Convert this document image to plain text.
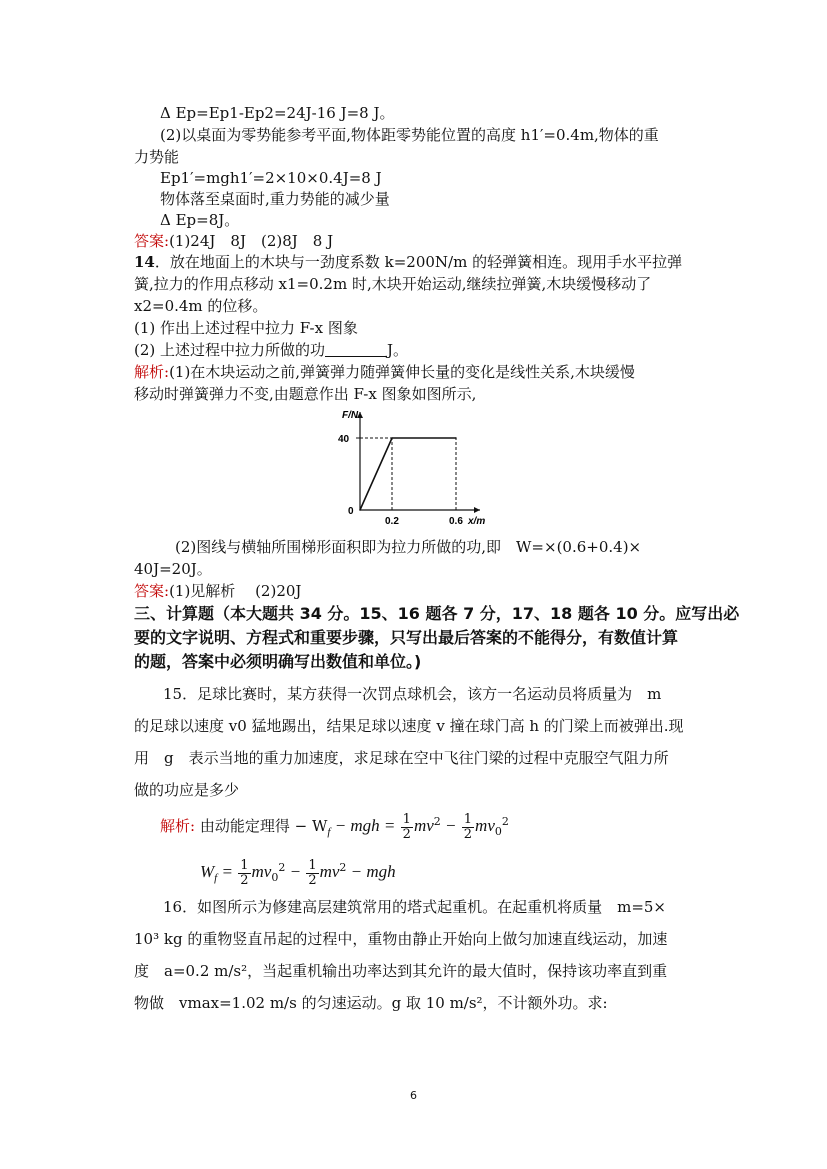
Δ Ep=Ep1-Ep2=24J-16 J=8 J。
(2)以桌面为零势能参考平面,物体距零势能位置的高度 h1′=0.4m,物体的重
力势能
Ep1′=mgh1′=2×10×0.4J=8 J
物体落至桌面时,重力势能的减少量
Δ Ep=8J。
答案:(1)24J　8J　(2)8J　8 J
14．放在地面上的木块与一劲度系数 k=200N/m 的轻弹簧相连。现用手水平拉弹
簧,拉力的作用点移动 x1=0.2m 时,木块开始运动,继续拉弹簧,木块缓慢移动了
x2=0.4m 的位移。
(1) 作出上述过程中拉力 F-x 图象
(2) 上述过程中拉力所做的功	J。
解析:(1)在木块运动之前,弹簧弹力随弹簧伸长量的变化是线性关系,木块缓慢
移动时弹簧弹力不变,由题意作出 F-x 图象如图所示,
F/N
x/m
0
40
0.2	0.6
(2)图线与横轴所围梯形面积即为拉力所做的功,即　W=×(0.6+0.4)×
40J=20J。
答案:(1)见解析　 (2)20J
三、计算题（本大题共 34 分。15、16 题各 7 分，17、18 题各 10 分。应写出必
要的文字说明、方程式和重要步骤，只写出最后答案的不能得分，有数值计算
的题，答案中必须明确写出数值和单位。)
15．足球比赛时，某方获得一次罚点球机会，该方一名运动员将质量为　m
的足球以速度 v0 猛地踢出，结果足球以速度 v 撞在球门高 h 的门梁上而被弹出.现
用　g　表示当地的重力加速度，求足球在空中飞往门梁的过程中克服空气阻力所
做的功应是多少
解析: 由动能定理得 − $W_f$ − mgh = $\frac{1}{2} mv^2 - \frac{1}{2} mv_0^2$
$W_f = \frac{1}{2} mv_0^2 - \frac{1}{2} mv^2$ − mgh
16．如图所示为修建高层建筑常用的塔式起重机。在起重机将质量　m=5×
10³ kg 的重物竖直吊起的过程中，重物由静止开始向上做匀加速直线运动，加速
度　a=0.2 m/s²，当起重机输出功率达到其允许的最大值时，保持该功率直到重
物做　vmax=1.02 m/s 的匀速运动。g 取 10 m/s²，不计额外功。求:
6
